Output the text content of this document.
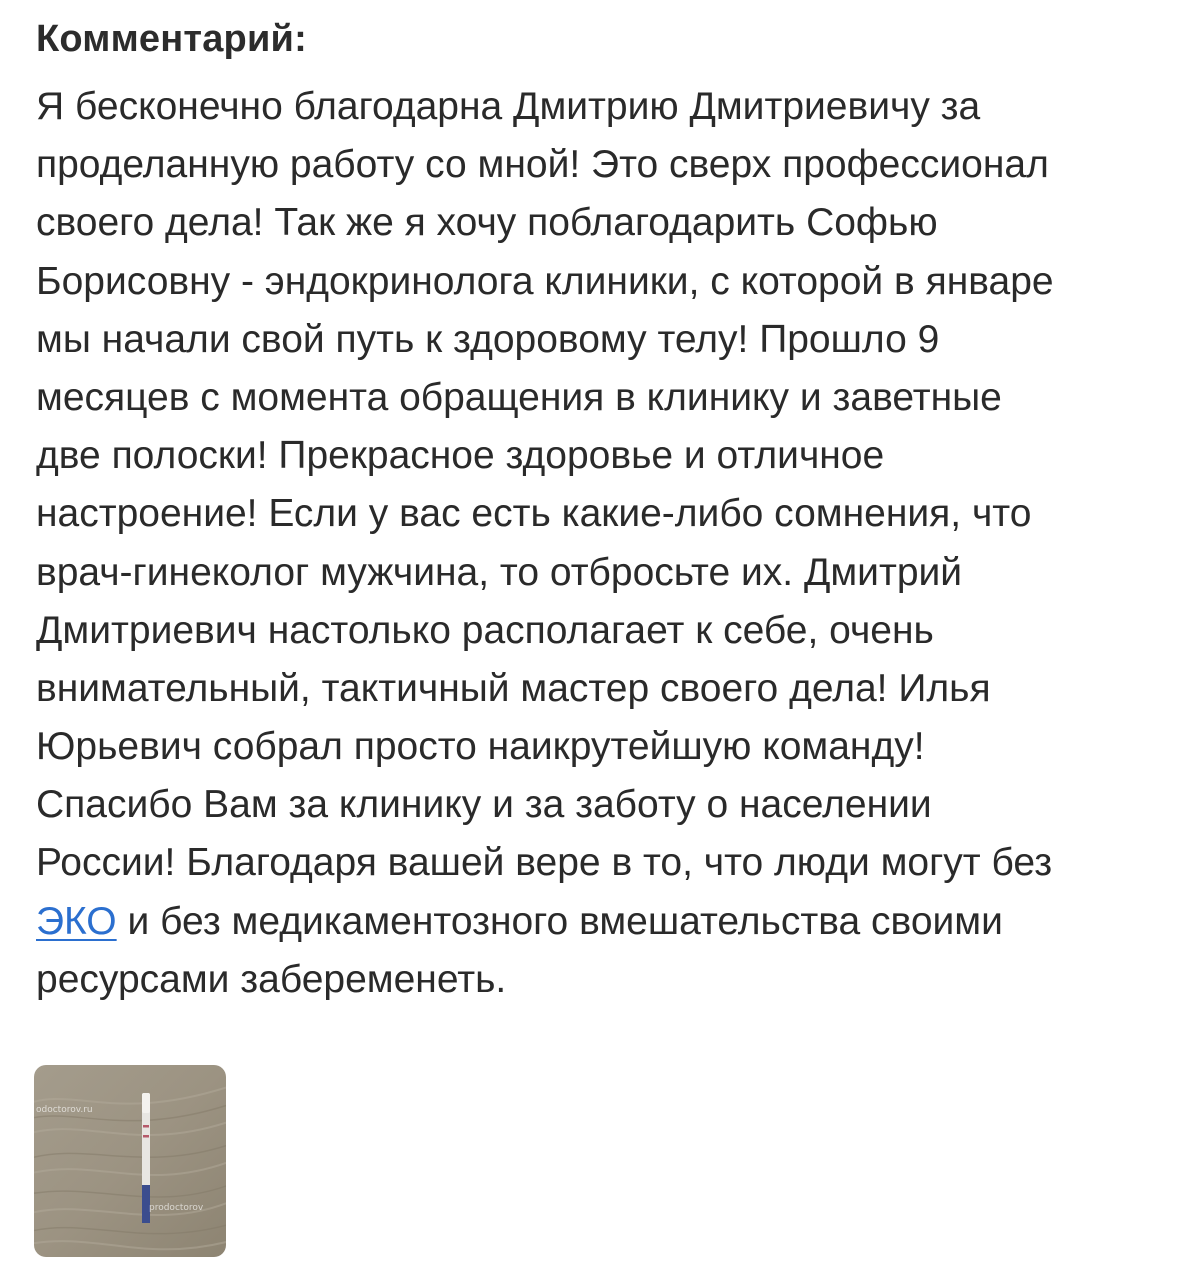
Комментарий:

Я бесконечно благодарна Дмитрию Дмитриевичу за
проделанную работу со мной! Это сверх профессионал
своего дела! Так же я хочу поблагодарить Софью
Борисовну - эндокринолога клиники, с которой в январе
мы начали свой путь к здоровому телу! Прошло 9
месяцев с момента обращения в клинику и заветные
две полоски! Прекрасное здоровье и отличное
настроение! Если у вас есть какие-либо сомнения, что
врач-гинеколог мужчина, то отбросьте их. Дмитрий
Дмитриевич настолько располагает к себе, очень
внимательный, тактичный мастер своего дела! Илья
Юрьевич собрал просто наикрутейшую команду!
Спасибо Вам за клинику и за заботу о населении
России! Благодаря вашей вере в то, что люди могут без
ЭКО и без медикаментозного вмешательства своими
ресурсами забеременеть.

odoctorov.ru
prodoctorov
